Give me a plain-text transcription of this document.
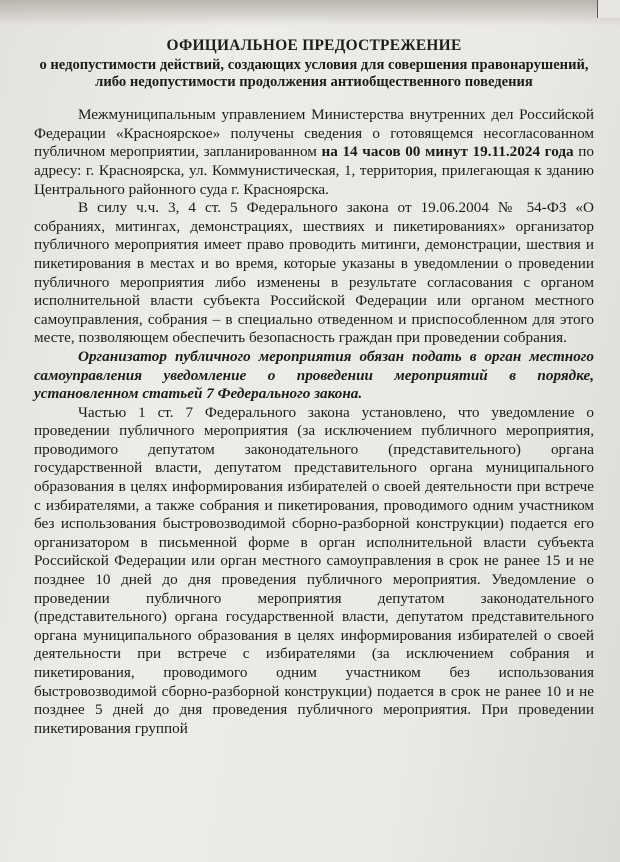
ОФИЦИАЛЬНОЕ ПРЕДОСТРЕЖЕНИЕ
о недопустимости действий, создающих условия для совершения правонарушений, либо недопустимости продолжения антиобщественного поведения

Межмуниципальным управлением Министерства внутренних дел Российской Федерации «Красноярское» получены сведения о готовящемся несогласованном публичном мероприятии, запланированном на 14 часов 00 минут 19.11.2024 года по адресу: г. Красноярска, ул. Коммунистическая, 1, территория, прилегающая к зданию Центрального районного суда г. Красноярска.

В силу ч.ч. 3, 4 ст. 5 Федерального закона от 19.06.2004 № 54-ФЗ «О собраниях, митингах, демонстрациях, шествиях и пикетированиях» организатор публичного мероприятия имеет право проводить митинги, демонстрации, шествия и пикетирования в местах и во время, которые указаны в уведомлении о проведении публичного мероприятия либо изменены в результате согласования с органом исполнительной власти субъекта Российской Федерации или органом местного самоуправления, собрания – в специально отведенном и приспособленном для этого месте, позволяющем обеспечить безопасность граждан при проведении собрания.

Организатор публичного мероприятия обязан подать в орган местного самоуправления уведомление о проведении мероприятий в порядке, установленном статьей 7 Федерального закона.

Частью 1 ст. 7 Федерального закона установлено, что уведомление о проведении публичного мероприятия (за исключением публичного мероприятия, проводимого депутатом законодательного (представительного) органа государственной власти, депутатом представительного органа муниципального образования в целях информирования избирателей о своей деятельности при встрече с избирателями, а также собрания и пикетирования, проводимого одним участником без использования быстровозводимой сборно-разборной конструкции) подается его организатором в письменной форме в орган исполнительной власти субъекта Российской Федерации или орган местного самоуправления в срок не ранее 15 и не позднее 10 дней до дня проведения публичного мероприятия. Уведомление о проведении публичного мероприятия депутатом законодательного (представительного) органа государственной власти, депутатом представительного органа муниципального образования в целях информирования избирателей о своей деятельности при встрече с избирателями (за исключением собрания и пикетирования, проводимого одним участником без использования быстровозводимой сборно-разборной конструкции) подается в срок не ранее 10 и не позднее 5 дней до дня проведения публичного мероприятия. При проведении пикетирования группой
